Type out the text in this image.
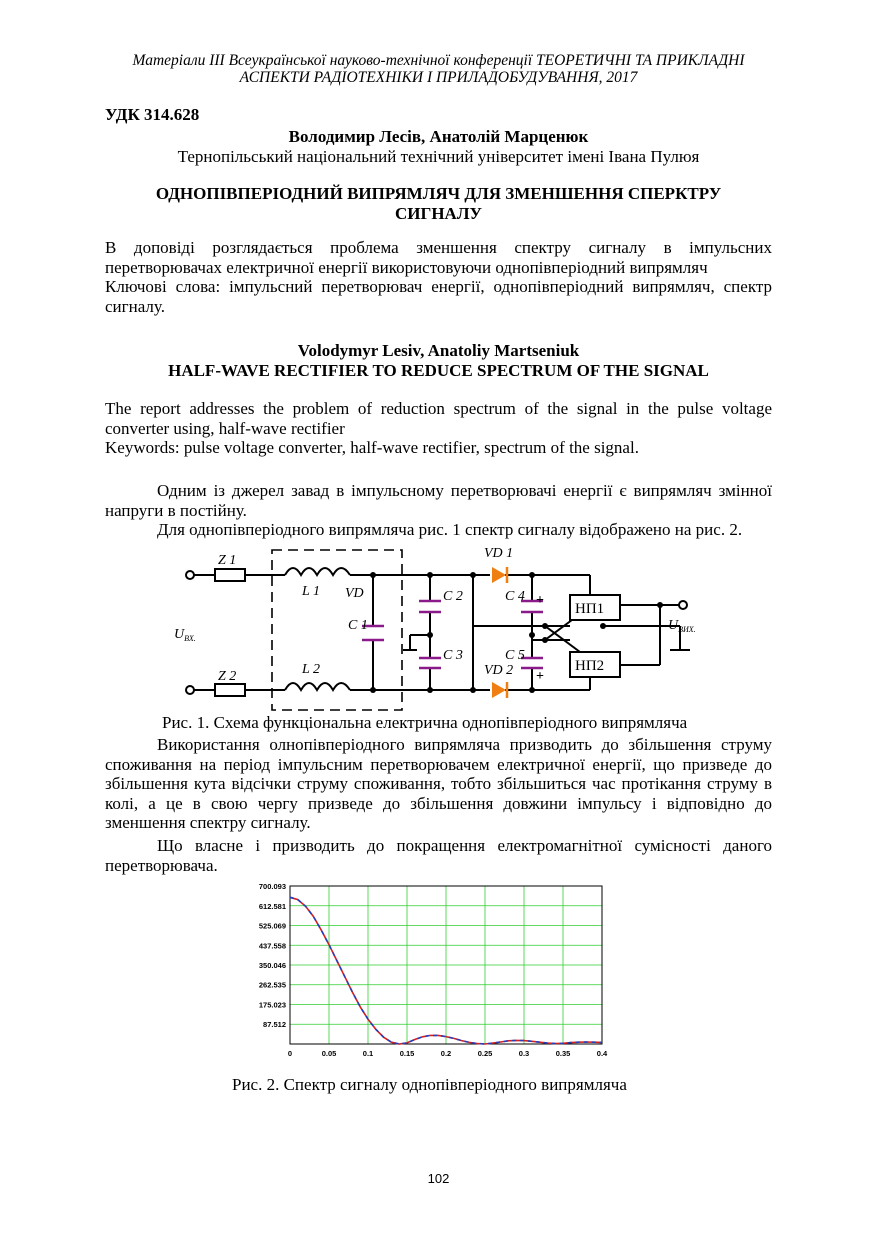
Матеріали III Всеукраїнської науково-технічної конференції ТЕОРЕТИЧНІ ТА ПРИКЛАДНІ
АСПЕКТИ РАДІОТЕХНІКИ І ПРИЛАДОБУДУВАННЯ, 2017
УДК 314.628
Володимир Лесів, Анатолій Марценюк
Тернопільський національний технічний університет імені Івана Пулюя
ОДНОПІВПЕРІОДНИЙ ВИПРЯМЛЯЧ ДЛЯ ЗМЕНШЕННЯ СПЕРКТРУ
СИГНАЛУ
В доповіді розглядається проблема зменшення спектру сигналу в імпульсних перетворювачах електричної енергії використовуючи однопівперіодний випрямляч
Ключові слова: імпульсний перетворювач енергії, однопівперіодний випрямляч, спектр сигналу.
Volodymyr Lesiv, Anatoliy Martseniuk
HALF-WAVE RECTIFIER TO REDUCE SPECTRUM OF THE SIGNAL
The report addresses the problem of reduction spectrum of the signal in the pulse voltage converter using, half-wave rectifier
Keywords: pulse voltage converter, half-wave rectifier, spectrum of the signal.
Одним із джерел завад в імпульсному перетворювачі енергії є випрямляч змінної напруги в постійну.
Для однопівперіодного випрямляча рис. 1 спектр сигналу відображено на рис. 2.
+
+
Z 1
Z 2
L 1
L 2
VD
C 1
C 2
C 3
C 4
C 5
VD 1
VD 2
НП1
НП2
$U_{ВХ.}$
$U_{ВИХ.}$
Рис. 1. Схема функціональна електрична однопівперіодного випрямляча
Використання олнопівперіодного випрямляча призводить до збільшення струму споживання на період імпульсним перетворювачем електричної енергії, що призведе до збільшення кута відсічки струму споживання, тобто збільшиться час протікання струму в колі, а це в свою чергу призведе до збільшення довжини імпульсу і відповідно до зменшення спектру сигналу.
Що власне і призводить до покращення електромагнітної сумісності даного перетворювача.
700.093
612.581
525.069
437.558
350.046
262.535
175.023
87.512
0	0.05	0.1	0.15	0.2	0.25	0.3	0.35	0.4
Рис. 2. Спектр сигналу однопівперіодного випрямляча
102
